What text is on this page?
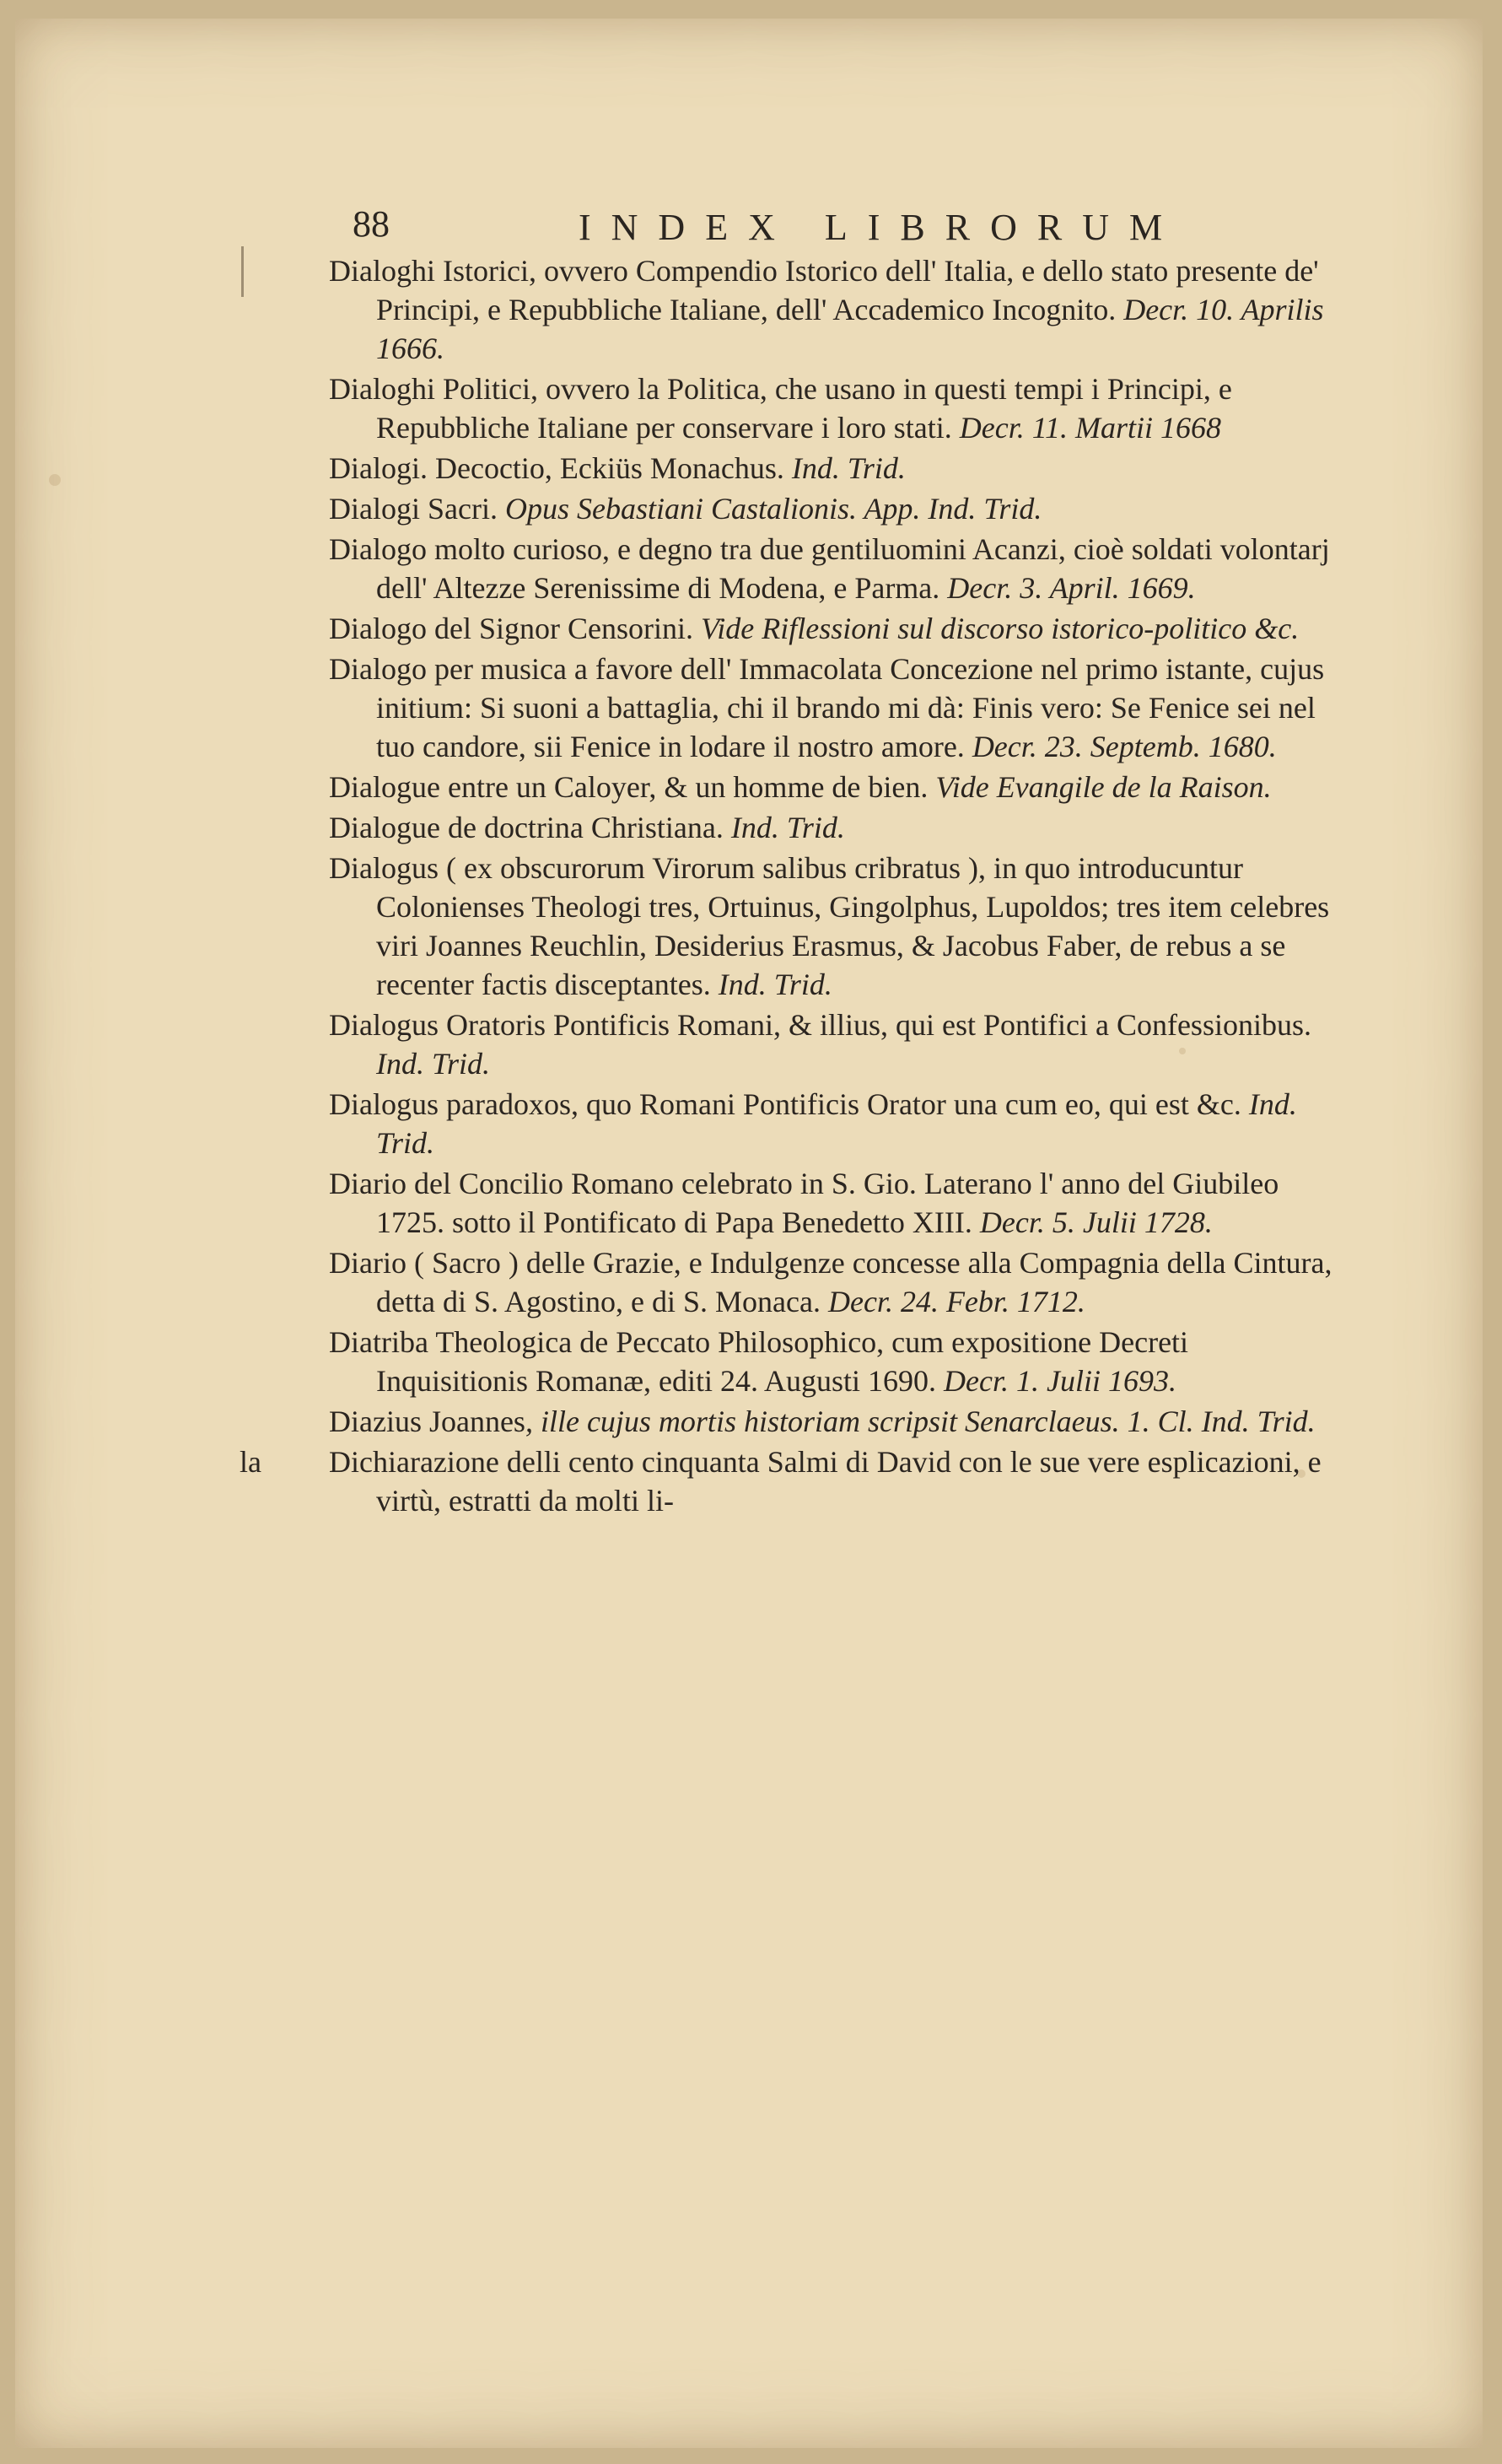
88	INDEX LIBRORUM
Dialoghi Istorici, ovvero Compendio Istorico dell' Italia, e dello stato presente de' Principi, e Repubbliche Italiane, dell' Accademico Incognito. Decr. 10. Aprilis 1666.
Dialoghi Politici, ovvero la Politica, che usano in questi tempi i Principi, e Repubbliche Italiane per conservare i loro stati. Decr. 11. Martii 1668
Dialogi. Decoctio, Eckiüs Monachus. Ind. Trid.
Dialogi Sacri. Opus Sebastiani Castalionis. App. Ind. Trid.
Dialogo molto curioso, e degno tra due gentiluomini Acanzi, cioè soldati volontarj dell' Altezze Serenissime di Modena, e Parma. Decr. 3. April. 1669.
Dialogo del Signor Censorini. Vide Riflessioni sul discorso istorico-politico &c.
Dialogo per musica a favore dell' Immacolata Concezione nel primo istante, cujus initium: Si suoni a battaglia, chi il brando mi dà: Finis vero: Se Fenice sei nel tuo candore, sii Fenice in lodare il nostro amore. Decr. 23. Septemb. 1680.
Dialogue entre un Caloyer, & un homme de bien. Vide Evangile de la Raison.
Dialogue de doctrina Christiana. Ind. Trid.
Dialogus ( ex obscurorum Virorum salibus cribratus ), in quo introducuntur Colonienses Theologi tres, Ortuinus, Gingolphus, Lupoldos; tres item celebres viri Joannes Reuchlin, Desiderius Erasmus, & Jacobus Faber, de rebus a se recenter factis disceptantes. Ind. Trid.
Dialogus Oratoris Pontificis Romani, & illius, qui est Pontifici a Confessionibus. Ind. Trid.
Dialogus paradoxos, quo Romani Pontificis Orator una cum eo, qui est &c. Ind. Trid.
Diario del Concilio Romano celebrato in S. Gio. Laterano l' anno del Giubileo 1725. sotto il Pontificato di Papa Benedetto XIII. Decr. 5. Julii 1728.
Diario ( Sacro ) delle Grazie, e Indulgenze concesse alla Compagnia della Cintura, detta di S. Agostino, e di S. Monaca. Decr. 24. Febr. 1712.
Diatriba Theologica de Peccato Philosophico, cum expositione Decreti Inquisitionis Romanæ, editi 24. Augusti 1690. Decr. 1. Julii 1693.
Diazius Joannes, ille cujus mortis historiam scripsit Senarclaeus. 1. Cl. Ind. Trid.
Dichiarazione delli cento cinquanta Salmi di David con le sue vere esplicazioni, e virtù, estratti da molti li-
